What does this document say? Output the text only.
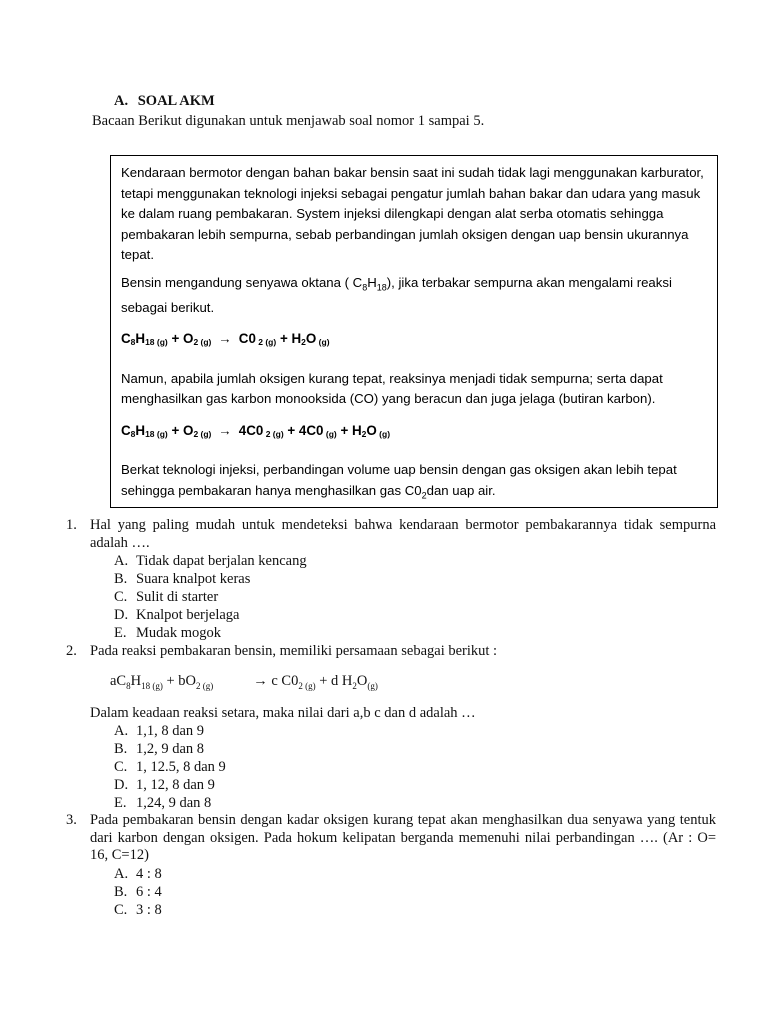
A. SOAL AKM
Bacaan Berikut digunakan untuk menjawab soal nomor 1 sampai 5.

Kendaraan bermotor dengan bahan bakar bensin saat ini sudah tidak lagi menggunakan karburator, tetapi menggunakan teknologi injeksi sebagai pengatur jumlah bahan bakar dan udara yang masuk ke dalam ruang pembakaran. System injeksi dilengkapi dengan alat serba otomatis sehingga pembakaran lebih sempurna, sebab perbandingan jumlah oksigen dengan uap bensin ukurannya tepat.

Bensin mengandung senyawa oktana ( $C_8H_{18}$), jika terbakar sempurna akan mengalami reaksi sebagai berikut.

$C_8H_{18 (g)} + O_{2 (g)} \to C0$ $_{2 (g)} + H_2O$ $_{(g)}$

Namun, apabila jumlah oksigen kurang tepat, reaksinya menjadi tidak sempurna; serta dapat menghasilkan gas karbon monooksida (CO) yang beracun dan juga jelaga (butiran karbon).

$C_8H_{18 (g)} + O_{2 (g)} \to 4C0$ $_{2 (g)}$ + 4C0 $_{(g)} + H_2O$ $_{(g)}$

Berkat teknologi injeksi, perbandingan volume uap bensin dengan gas oksigen akan lebih tepat sehingga pembakaran hanya menghasilkan gas $C0_2dan$ uap air.

1. Hal yang paling mudah untuk mendeteksi bahwa kendaraan bermotor pembakarannya tidak sempurna adalah ….
A. Tidak dapat berjalan kencang
B. Suara knalpot keras
C. Sulit di starter
D. Knalpot berjelaga
E. Mudak mogok
2. Pada reaksi pembakaran bensin, memiliki persamaan sebagai berikut :
$aC_8H_{18 (g)} + bO_{2 (g)}$	→ c $C0_{2 (g)} + d$ $H_2O_{(g)}$
Dalam keadaan reaksi setara, maka nilai dari a,b c dan d adalah …
A. 1,1, 8 dan 9
B. 1,2, 9 dan 8
C. 1, 12.5, 8 dan 9
D. 1, 12, 8 dan 9
E. 1,24, 9 dan 8
3. Pada pembakaran bensin dengan kadar oksigen kurang tepat akan menghasilkan dua senyawa yang tentuk dari karbon dengan oksigen. Pada hokum kelipatan berganda memenuhi nilai perbandingan …. (Ar : O= 16, C=12)
A. 4 : 8
B. 6 : 4
C. 3 : 8
